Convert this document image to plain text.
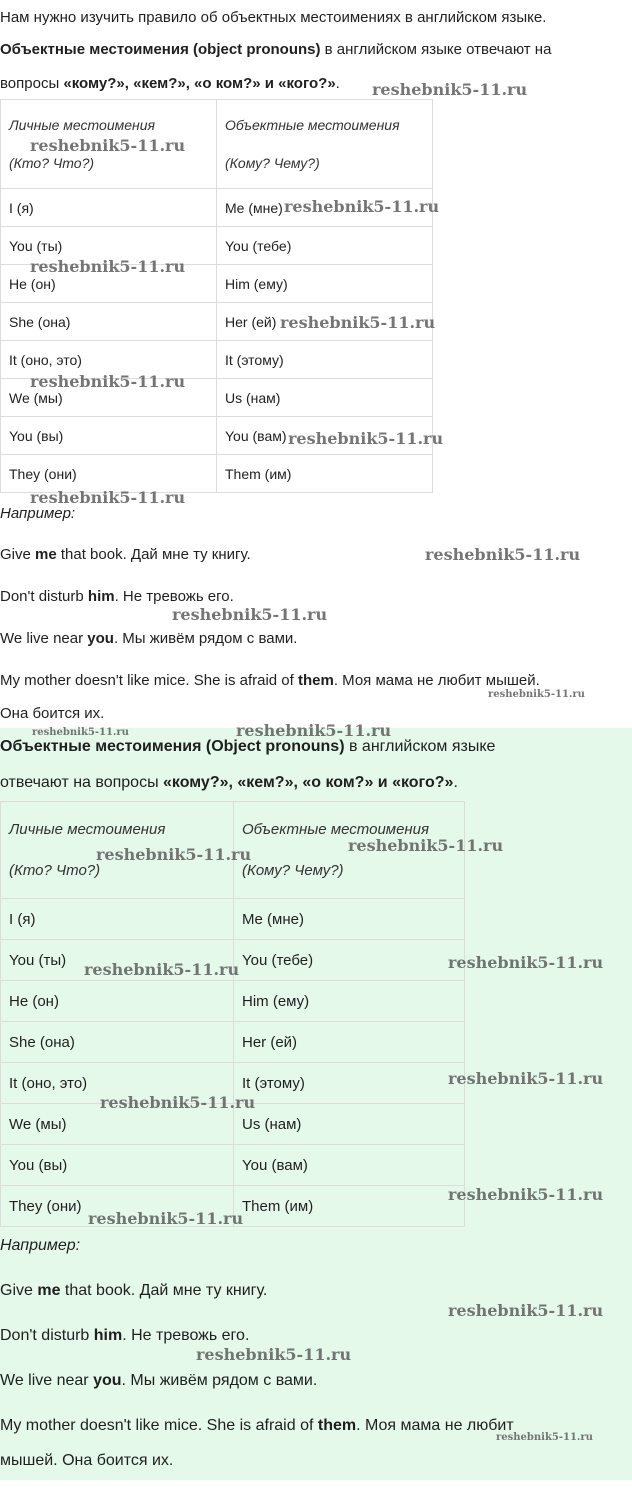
Нам нужно изучить правило об объектных местоимениях в английском языке.

Объектные местоимения (object pronouns) в английском языке отвечают на

вопросы «кому?», «кем?», «о ком?» и «кого?».

Личные местоимения
(Кто? Что?)	Объектные местоимения
(Кому? Чему?)

I (я)	Me (мне)
You (ты)	You (тебе)
He (он)	Him (ему)
She (она)	Her (ей)
It (оно, это)	It (этому)
We (мы)	Us (нам)
You (вы)	You (вам)
They (они)	Them (им)

Например:

Give me that book. Дай мне ту книгу.

Don't disturb him. Не тревожь его.

We live near you. Мы живём рядом с вами.

My mother doesn't like mice. She is afraid of them. Моя мама не любит мышей.

Она боится их.

Объектные местоимения (Object pronouns) в английском языке

отвечают на вопросы «кому?», «кем?», «о ком?» и «кого?».

Личные местоимения
(Кто? Что?)	Объектные местоимения
(Кому? Чему?)

I (я)	Me (мне)
You (ты)	You (тебе)
He (он)	Him (ему)
She (она)	Her (ей)
It (оно, это)	It (этому)
We (мы)	Us (нам)
You (вы)	You (вам)
They (они)	Them (им)

Например:

Give me that book. Дай мне ту книгу.

Don't disturb him. Не тревожь его.

We live near you. Мы живём рядом с вами.

My mother doesn't like mice. She is afraid of them. Моя мама не любит

мышей. Она боится их.

reshebnik5-11.ru
reshebnik5-11.ru
reshebnik5-11.ru
reshebnik5-11.ru
reshebnik5-11.ru
reshebnik5-11.ru
reshebnik5-11.ru
reshebnik5-11.ru
reshebnik5-11.ru
reshebnik5-11.ru
reshebnik5-11.ru
reshebnik5-11.ru	reshebnik5-11.ru
reshebnik5-11.ru	reshebnik5-11.ru
reshebnik5-11.ru	reshebnik5-11.ru
reshebnik5-11.ru
reshebnik5-11.ru
reshebnik5-11.ru
reshebnik5-11.ru
reshebnik5-11.ru
reshebnik5-11.ru
reshebnik5-11.ru
